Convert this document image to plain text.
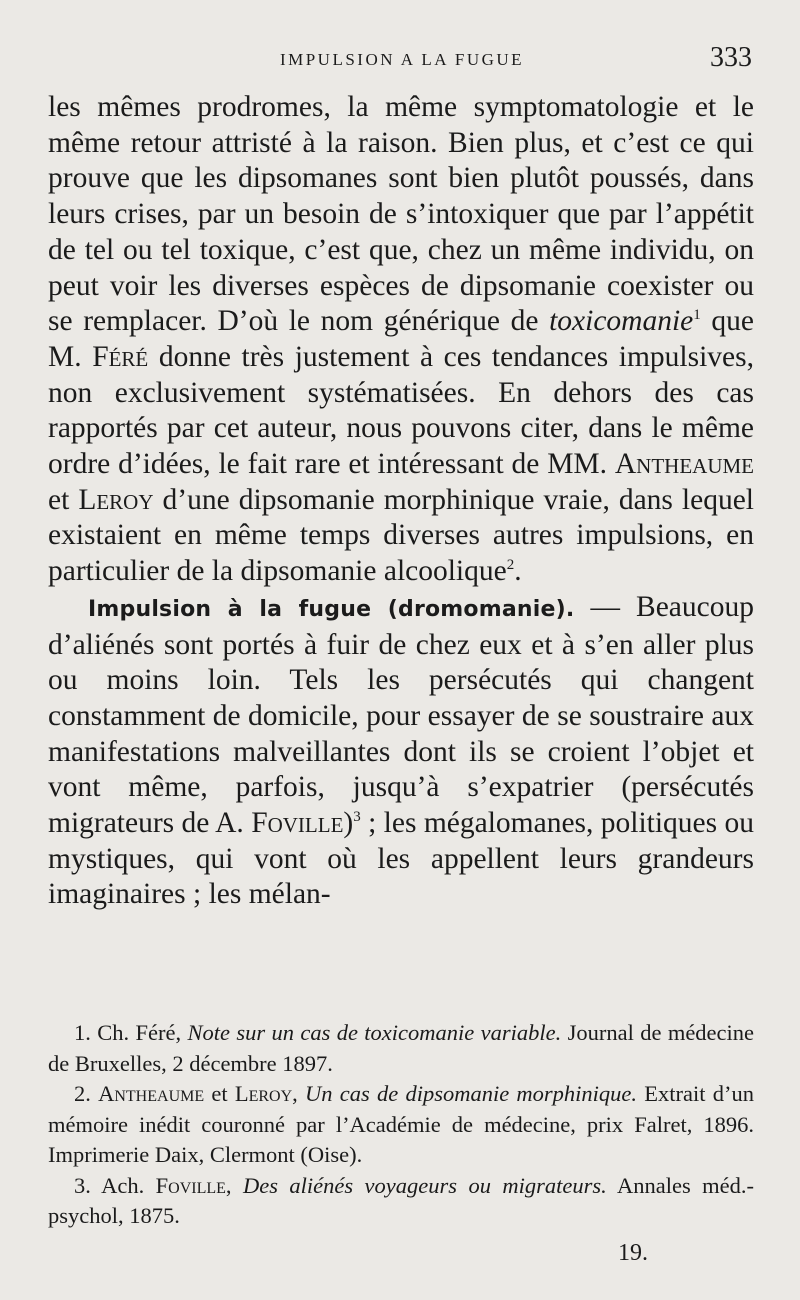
IMPULSION A LA FUGUE	333

les mêmes prodromes, la même symptomatologie et le même retour attristé à la raison. Bien plus, et c’est ce qui prouve que les dipsomanes sont bien plutôt poussés, dans leurs crises, par un besoin de s’intoxiquer que par l’appétit de tel ou tel toxique, c’est que, chez un même individu, on peut voir les diverses espèces de dipsomanie coexister ou se remplacer. D’où le nom générique de toxicomanie$^1$ que M. Féré donne très justement à ces tendances impulsives, non exclusivement systématisées. En dehors des cas rapportés par cet auteur, nous pouvons citer, dans le même ordre d’idées, le fait rare et intéressant de MM. Antheaume et Leroy d’une dipsomanie morphinique vraie, dans lequel existaient en même temps diverses autres impulsions, en particulier de la dipsomanie alcoolique$^2$.

Impulsion à la fugue (dromomanie). — Beaucoup d’aliénés sont portés à fuir de chez eux et à s’en aller plus ou moins loin. Tels les persécutés qui changent constamment de domicile, pour essayer de se soustraire aux manifestations malveillantes dont ils se croient l’objet et vont même, parfois, jusqu’à s’expatrier (persécutés migrateurs de A. Foville)$^3$ ; les mégalomanes, politiques ou mystiques, qui vont où les appellent leurs grandeurs imaginaires ; les mélan-

1. Ch. Féré, Note sur un cas de toxicomanie variable. Journal de médecine de Bruxelles, 2 décembre 1897.

2. Antheaume et Leroy, Un cas de dipsomanie morphinique. Extrait d’un mémoire inédit couronné par l’Académie de médecine, prix Falret, 1896. Imprimerie Daix, Clermont (Oise).

3. Ach. Foville, Des aliénés voyageurs ou migrateurs. Annales méd.-psychol, 1875.

19.
